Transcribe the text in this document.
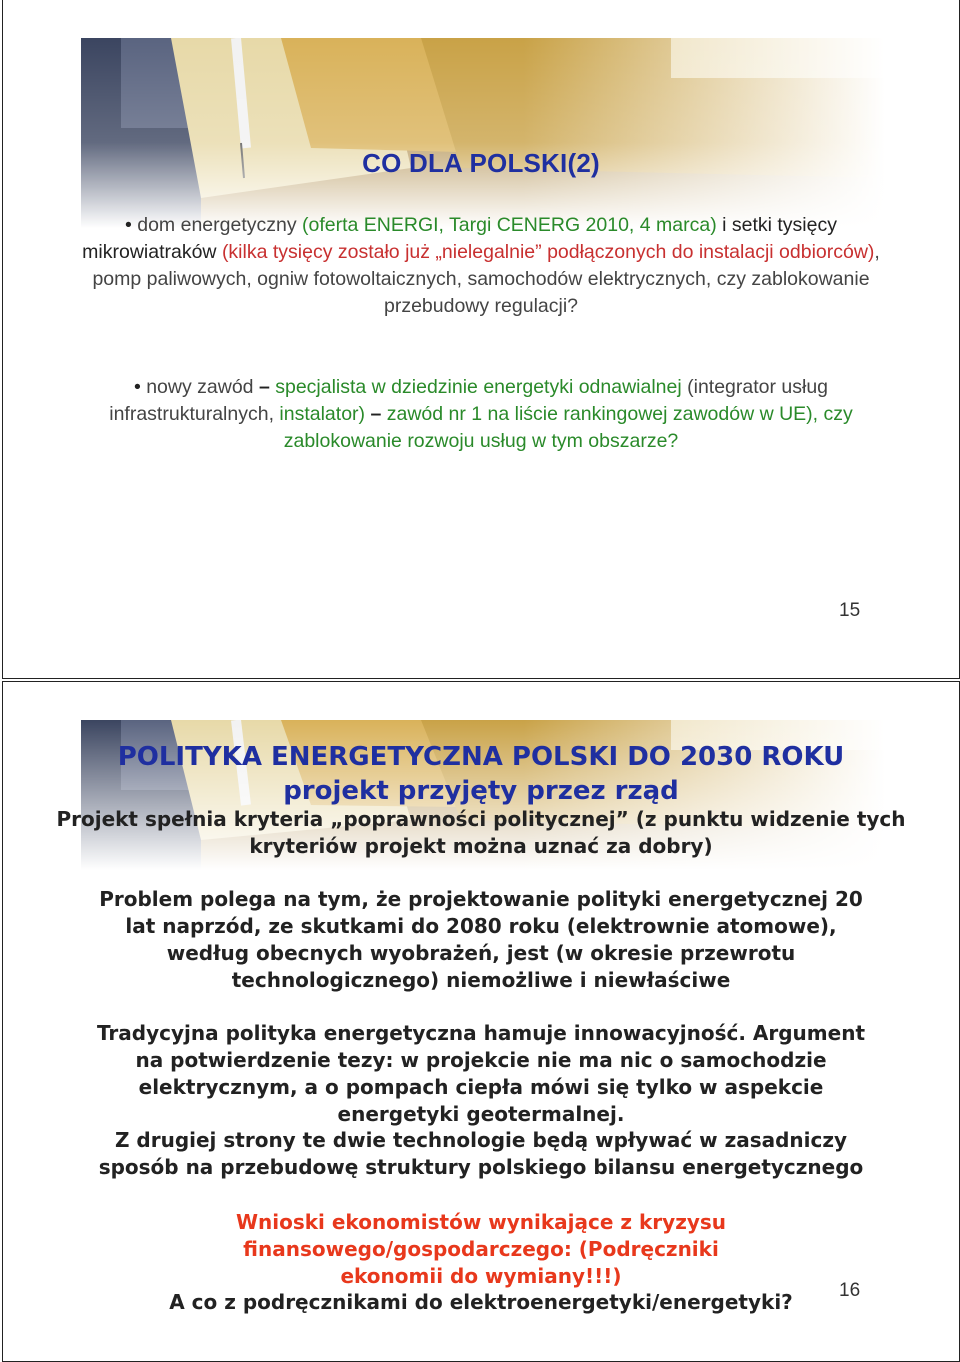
CO DLA POLSKI(2)
• dom energetyczny (oferta ENERGI, Targi CENERG 2010, 4 marca) i setki tysięcy mikrowiatraków (kilka tysięcy zostało już „nielegalnie” podłączonych do instalacji odbiorców), pomp paliwowych, ogniw fotowoltaicznych, samochodów elektrycznych, czy zablokowanie przebudowy regulacji?
• nowy zawód – specjalista w dziedzinie energetyki odnawialnej (integrator usług infrastrukturalnych, instalator) – zawód nr 1 na liście rankingowej zawodów w UE), czy zablokowanie rozwoju usług w tym obszarze?
15
POLITYKA ENERGETYCZNA POLSKI DO 2030 ROKU
projekt przyjęty przez rząd
Projekt spełnia kryteria „poprawności politycznej” (z punktu widzenie tych kryteriów projekt można uznać za dobry)
Problem polega na tym, że projektowanie polityki energetycznej 20 lat naprzód, ze skutkami do 2080 roku (elektrownie atomowe), według obecnych wyobrażeń, jest (w okresie przewrotu technologicznego) niemożliwe i niewłaściwe
Tradycyjna polityka energetyczna hamuje innowacyjność. Argument na potwierdzenie tezy: w projekcie nie ma nic o samochodzie elektrycznym, a o pompach ciepła mówi się tylko w aspekcie energetyki geotermalnej.
Z drugiej strony te dwie technologie będą wpływać w zasadniczy sposób na przebudowę struktury polskiego bilansu energetycznego
Wnioski ekonomistów wynikające z kryzysu finansowego/gospodarczego: (Podręczniki ekonomii do wymiany!!!)
A co z podręcznikami do elektroenergetyki/energetyki?	16
